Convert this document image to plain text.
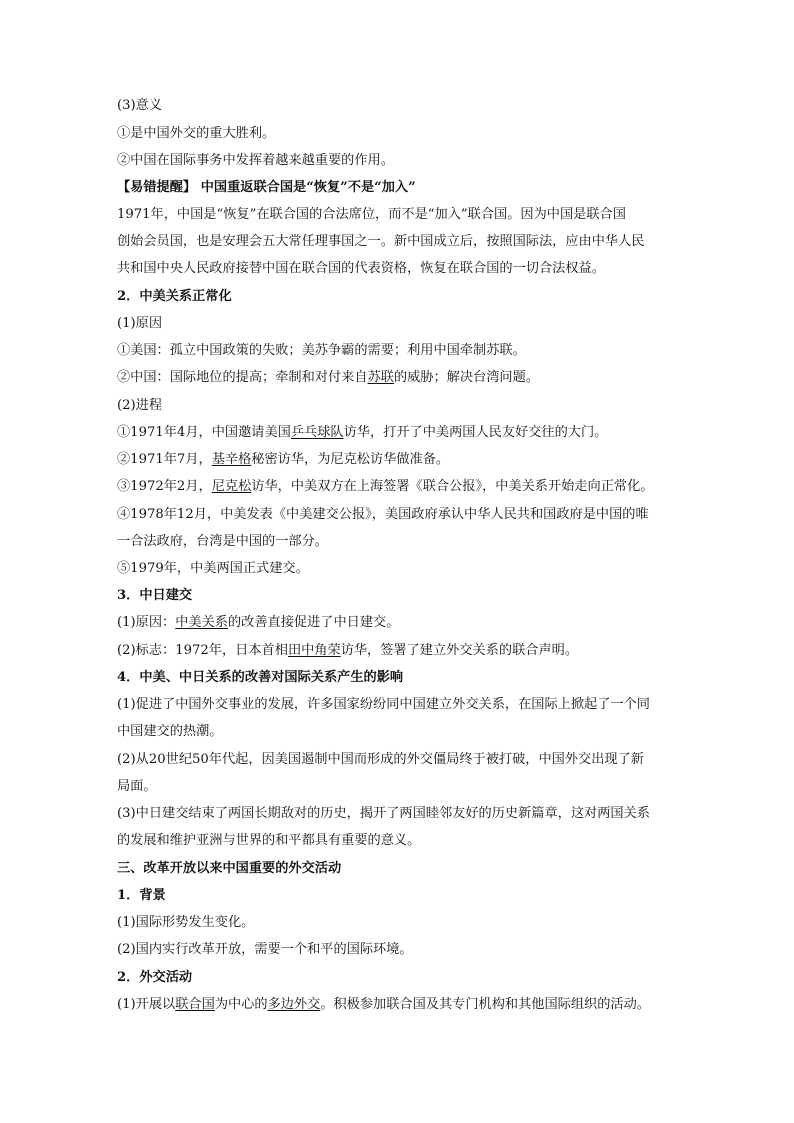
(3)意义
①是中国外交的重大胜利。
②中国在国际事务中发挥着越来越重要的作用。
【易错提醒】 中国重返联合国是“恢复”不是“加入”
1971年，中国是“恢复”在联合国的合法席位，而不是“加入”联合国。因为中国是联合国
创始会员国，也是安理会五大常任理事国之一。新中国成立后，按照国际法，应由中华人民
共和国中央人民政府接替中国在联合国的代表资格，恢复在联合国的一切合法权益。
2．中美关系正常化
(1)原因
①美国：孤立中国政策的失败；美苏争霸的需要；利用中国牵制苏联。
②中国：国际地位的提高；牵制和对付来自苏联的威胁；解决台湾问题。
(2)进程
①1971年4月，中国邀请美国乒乓球队访华，打开了中美两国人民友好交往的大门。
②1971年7月，基辛格秘密访华，为尼克松访华做准备。
③1972年2月，尼克松访华，中美双方在上海签署《联合公报》，中美关系开始走向正常化。
④1978年12月，中美发表《中美建交公报》，美国政府承认中华人民共和国政府是中国的唯
一合法政府，台湾是中国的一部分。
⑤1979年，中美两国正式建交。
3．中日建交
(1)原因：中美关系的改善直接促进了中日建交。
(2)标志：1972年，日本首相田中角荣访华，签署了建立外交关系的联合声明。
4．中美、中日关系的改善对国际关系产生的影响
(1)促进了中国外交事业的发展，许多国家纷纷同中国建立外交关系，在国际上掀起了一个同
中国建交的热潮。
(2)从20世纪50年代起，因美国遏制中国而形成的外交僵局终于被打破，中国外交出现了新
局面。
(3)中日建交结束了两国长期敌对的历史，揭开了两国睦邻友好的历史新篇章，这对两国关系
的发展和维护亚洲与世界的和平都具有重要的意义。
三、改革开放以来中国重要的外交活动
1．背景
(1)国际形势发生变化。
(2)国内实行改革开放，需要一个和平的国际环境。
2．外交活动
(1)开展以联合国为中心的多边外交。积极参加联合国及其专门机构和其他国际组织的活动。
